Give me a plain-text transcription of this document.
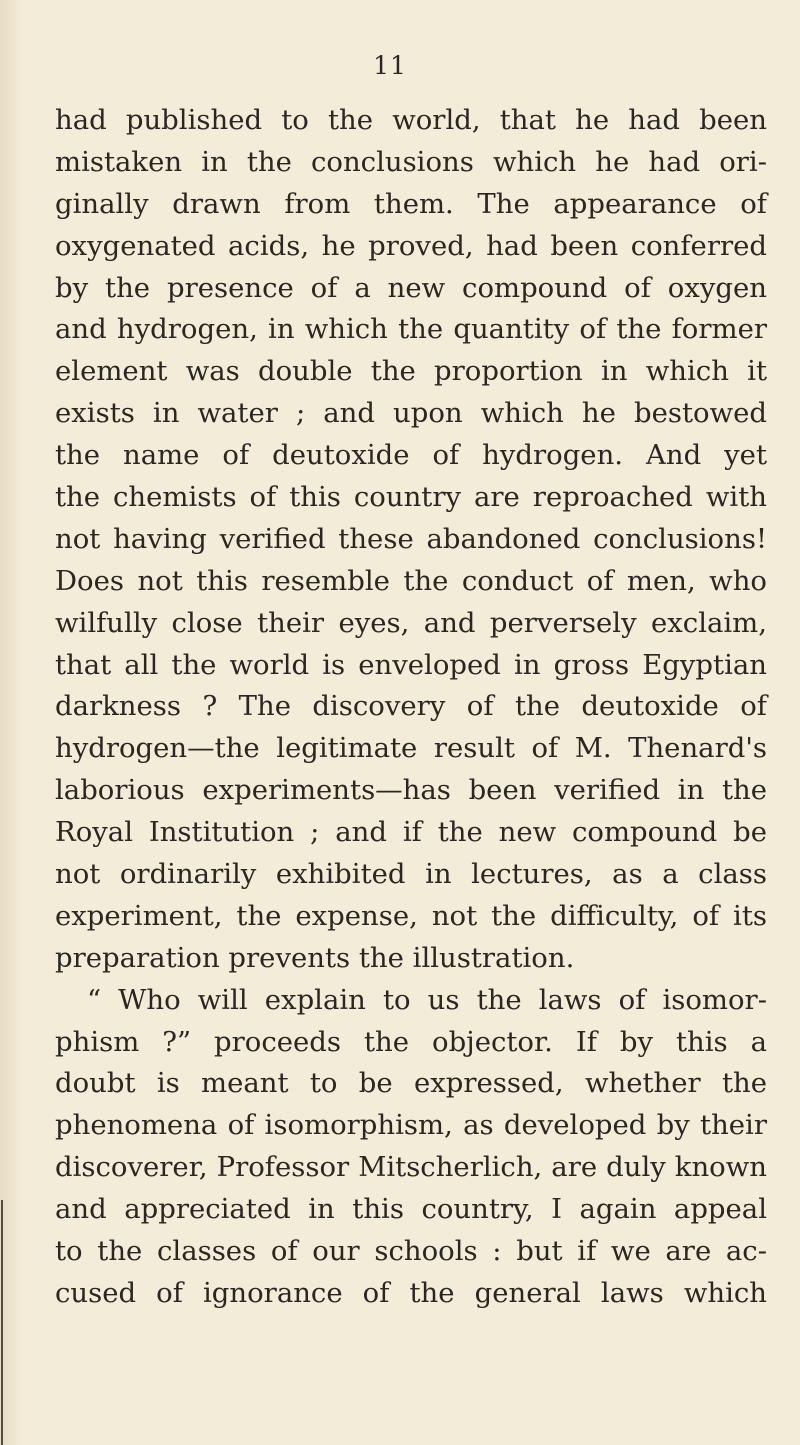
11
had published to the world, that he had been
mistaken in the conclusions which he had ori-
ginally drawn from them. The appearance of
oxygenated acids, he proved, had been conferred
by the presence of a new compound of oxygen
and hydrogen, in which the quantity of the former
element was double the proportion in which it
exists in water ; and upon which he bestowed
the name of deutoxide of hydrogen. And yet
the chemists of this country are reproached with
not having verified these abandoned conclusions!
Does not this resemble the conduct of men, who
wilfully close their eyes, and perversely exclaim,
that all the world is enveloped in gross Egyptian
darkness ? The discovery of the deutoxide of
hydrogen—the legitimate result of M. Thenard's
laborious experiments—has been verified in the
Royal Institution ; and if the new compound be
not ordinarily exhibited in lectures, as a class
experiment, the expense, not the difficulty, of its
preparation prevents the illustration.
“ Who will explain to us the laws of isomor-
phism ?” proceeds the objector. If by this a
doubt is meant to be expressed, whether the
phenomena of isomorphism, as developed by their
discoverer, Professor Mitscherlich, are duly known
and appreciated in this country, I again appeal
to the classes of our schools : but if we are ac-
cused of ignorance of the general laws which
